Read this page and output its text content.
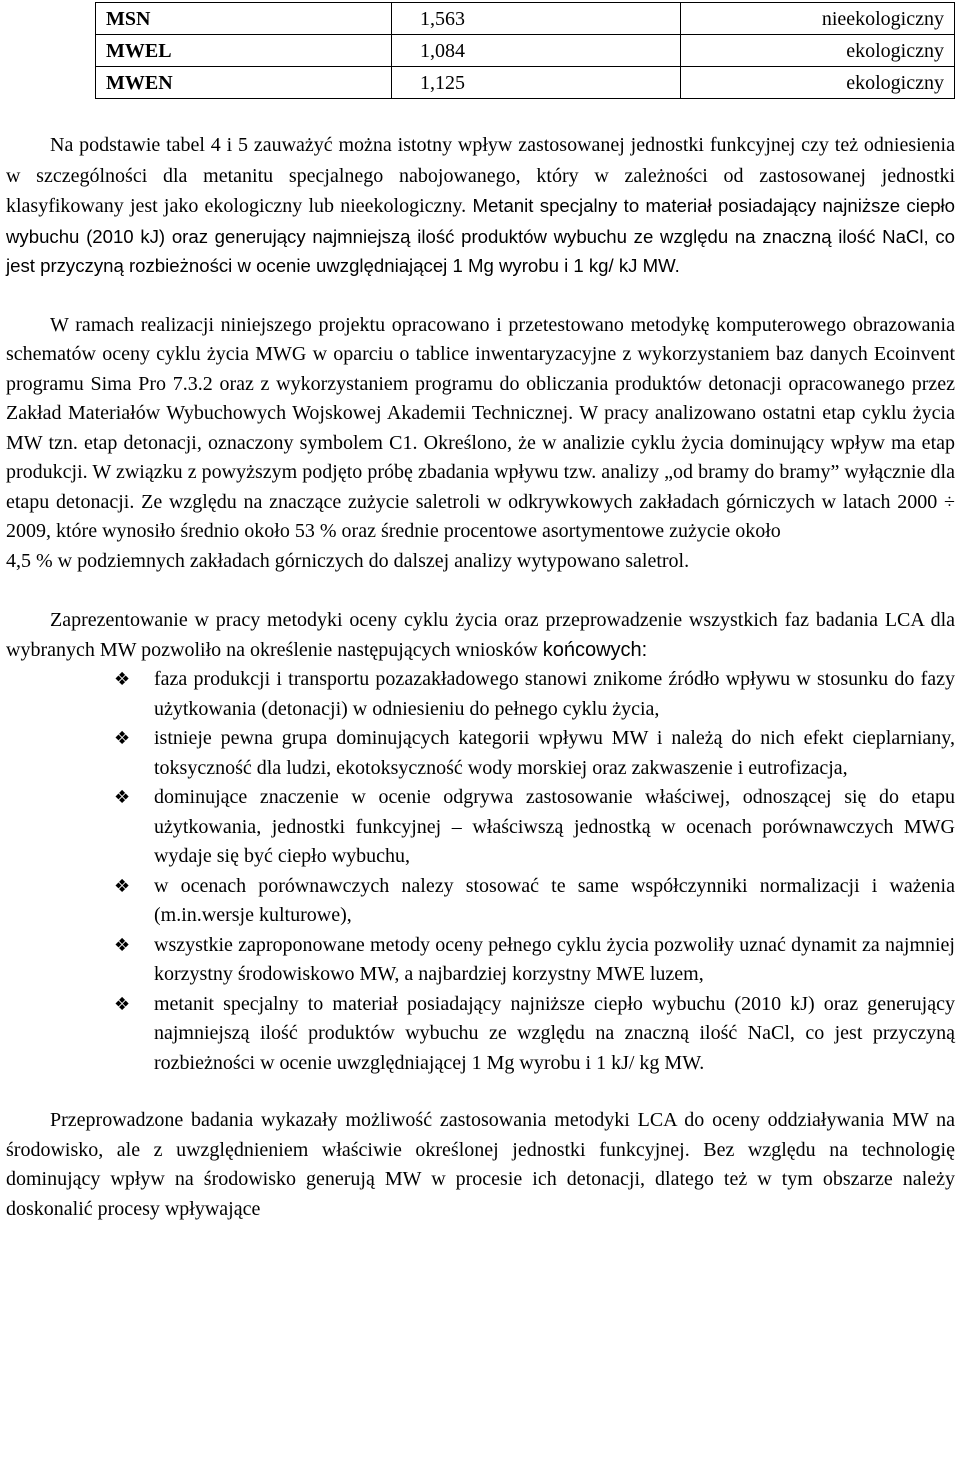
MSN	1,563	nieekologiczny
MWEL	1,084	ekologiczny
MWEN	1,125	ekologiczny

Na podstawie tabel 4 i 5 zauważyć można istotny wpływ zastosowanej jednostki funkcyjnej czy też odniesienia w szczególności dla metanitu specjalnego nabojowanego, który w zależności od zastosowanej jednostki klasyfikowany jest jako ekologiczny lub nieekologiczny. Metanit specjalny to materiał posiadający najniższe ciepło wybuchu (2010 kJ) oraz generujący najmniejszą ilość produktów wybuchu ze względu na znaczną ilość NaCl, co jest przyczyną rozbieżności w ocenie uwzględniającej 1 Mg wyrobu i 1 kg/ kJ MW.

W ramach realizacji niniejszego projektu opracowano i przetestowano metodykę komputerowego obrazowania schematów oceny cyklu życia MWG w oparciu o tablice inwentaryzacyjne z wykorzystaniem baz danych Ecoinvent programu Sima Pro 7.3.2 oraz z wykorzystaniem programu do obliczania produktów detonacji opracowanego przez Zakład Materiałów Wybuchowych Wojskowej Akademii Technicznej. W pracy analizowano ostatni etap cyklu życia MW tzn. etap detonacji, oznaczony symbolem C1. Określono, że w analizie cyklu życia dominujący wpływ ma etap produkcji. W związku z powyższym podjęto próbę zbadania wpływu tzw. analizy „od bramy do bramy” wyłącznie dla etapu detonacji. Ze względu na znaczące zużycie saletroli w odkrywkowych zakładach górniczych w latach 2000 ÷ 2009, które wynosiło średnio około 53 % oraz średnie procentowe asortymentowe zużycie około

4,5 % w podziemnych zakładach górniczych do dalszej analizy wytypowano saletrol.

Zaprezentowanie w pracy metodyki oceny cyklu życia oraz przeprowadzenie wszystkich faz badania LCA dla wybranych MW pozwoliło na określenie następujących wniosków końcowych:

❖ faza produkcji i transportu pozazakładowego stanowi znikome źródło wpływu w stosunku do fazy użytkowania (detonacji) w odniesieniu do pełnego cyklu życia,
❖ istnieje pewna grupa dominujących kategorii wpływu MW i należą do nich efekt cieplarniany, toksyczność dla ludzi, ekotoksyczność wody morskiej oraz zakwaszenie i eutrofizacja,
❖ dominujące znaczenie w ocenie odgrywa zastosowanie właściwej, odnoszącej się do etapu użytkowania, jednostki funkcyjnej – właściwszą jednostką w ocenach porównawczych MWG wydaje się być ciepło wybuchu,
❖ w ocenach porównawczych nalezy stosować te same współczynniki normalizacji i ważenia (m.in.wersje kulturowe),
❖ wszystkie zaproponowane metody oceny pełnego cyklu życia pozwoliły uznać dynamit za najmniej korzystny środowiskowo MW, a najbardziej korzystny MWE luzem,
❖ metanit specjalny to materiał posiadający najniższe ciepło wybuchu (2010 kJ) oraz generujący najmniejszą ilość produktów wybuchu ze względu na znaczną ilość NaCl, co jest przyczyną rozbieżności w ocenie uwzględniającej 1 Mg wyrobu i 1 kJ/ kg MW.

Przeprowadzone badania wykazały możliwość zastosowania metodyki LCA do oceny oddziaływania MW na środowisko, ale z uwzględnieniem właściwie określonej jednostki funkcyjnej. Bez względu na technologię dominujący wpływ na środowisko generują MW w procesie ich detonacji, dlatego też w tym obszarze należy doskonalić procesy wpływające
